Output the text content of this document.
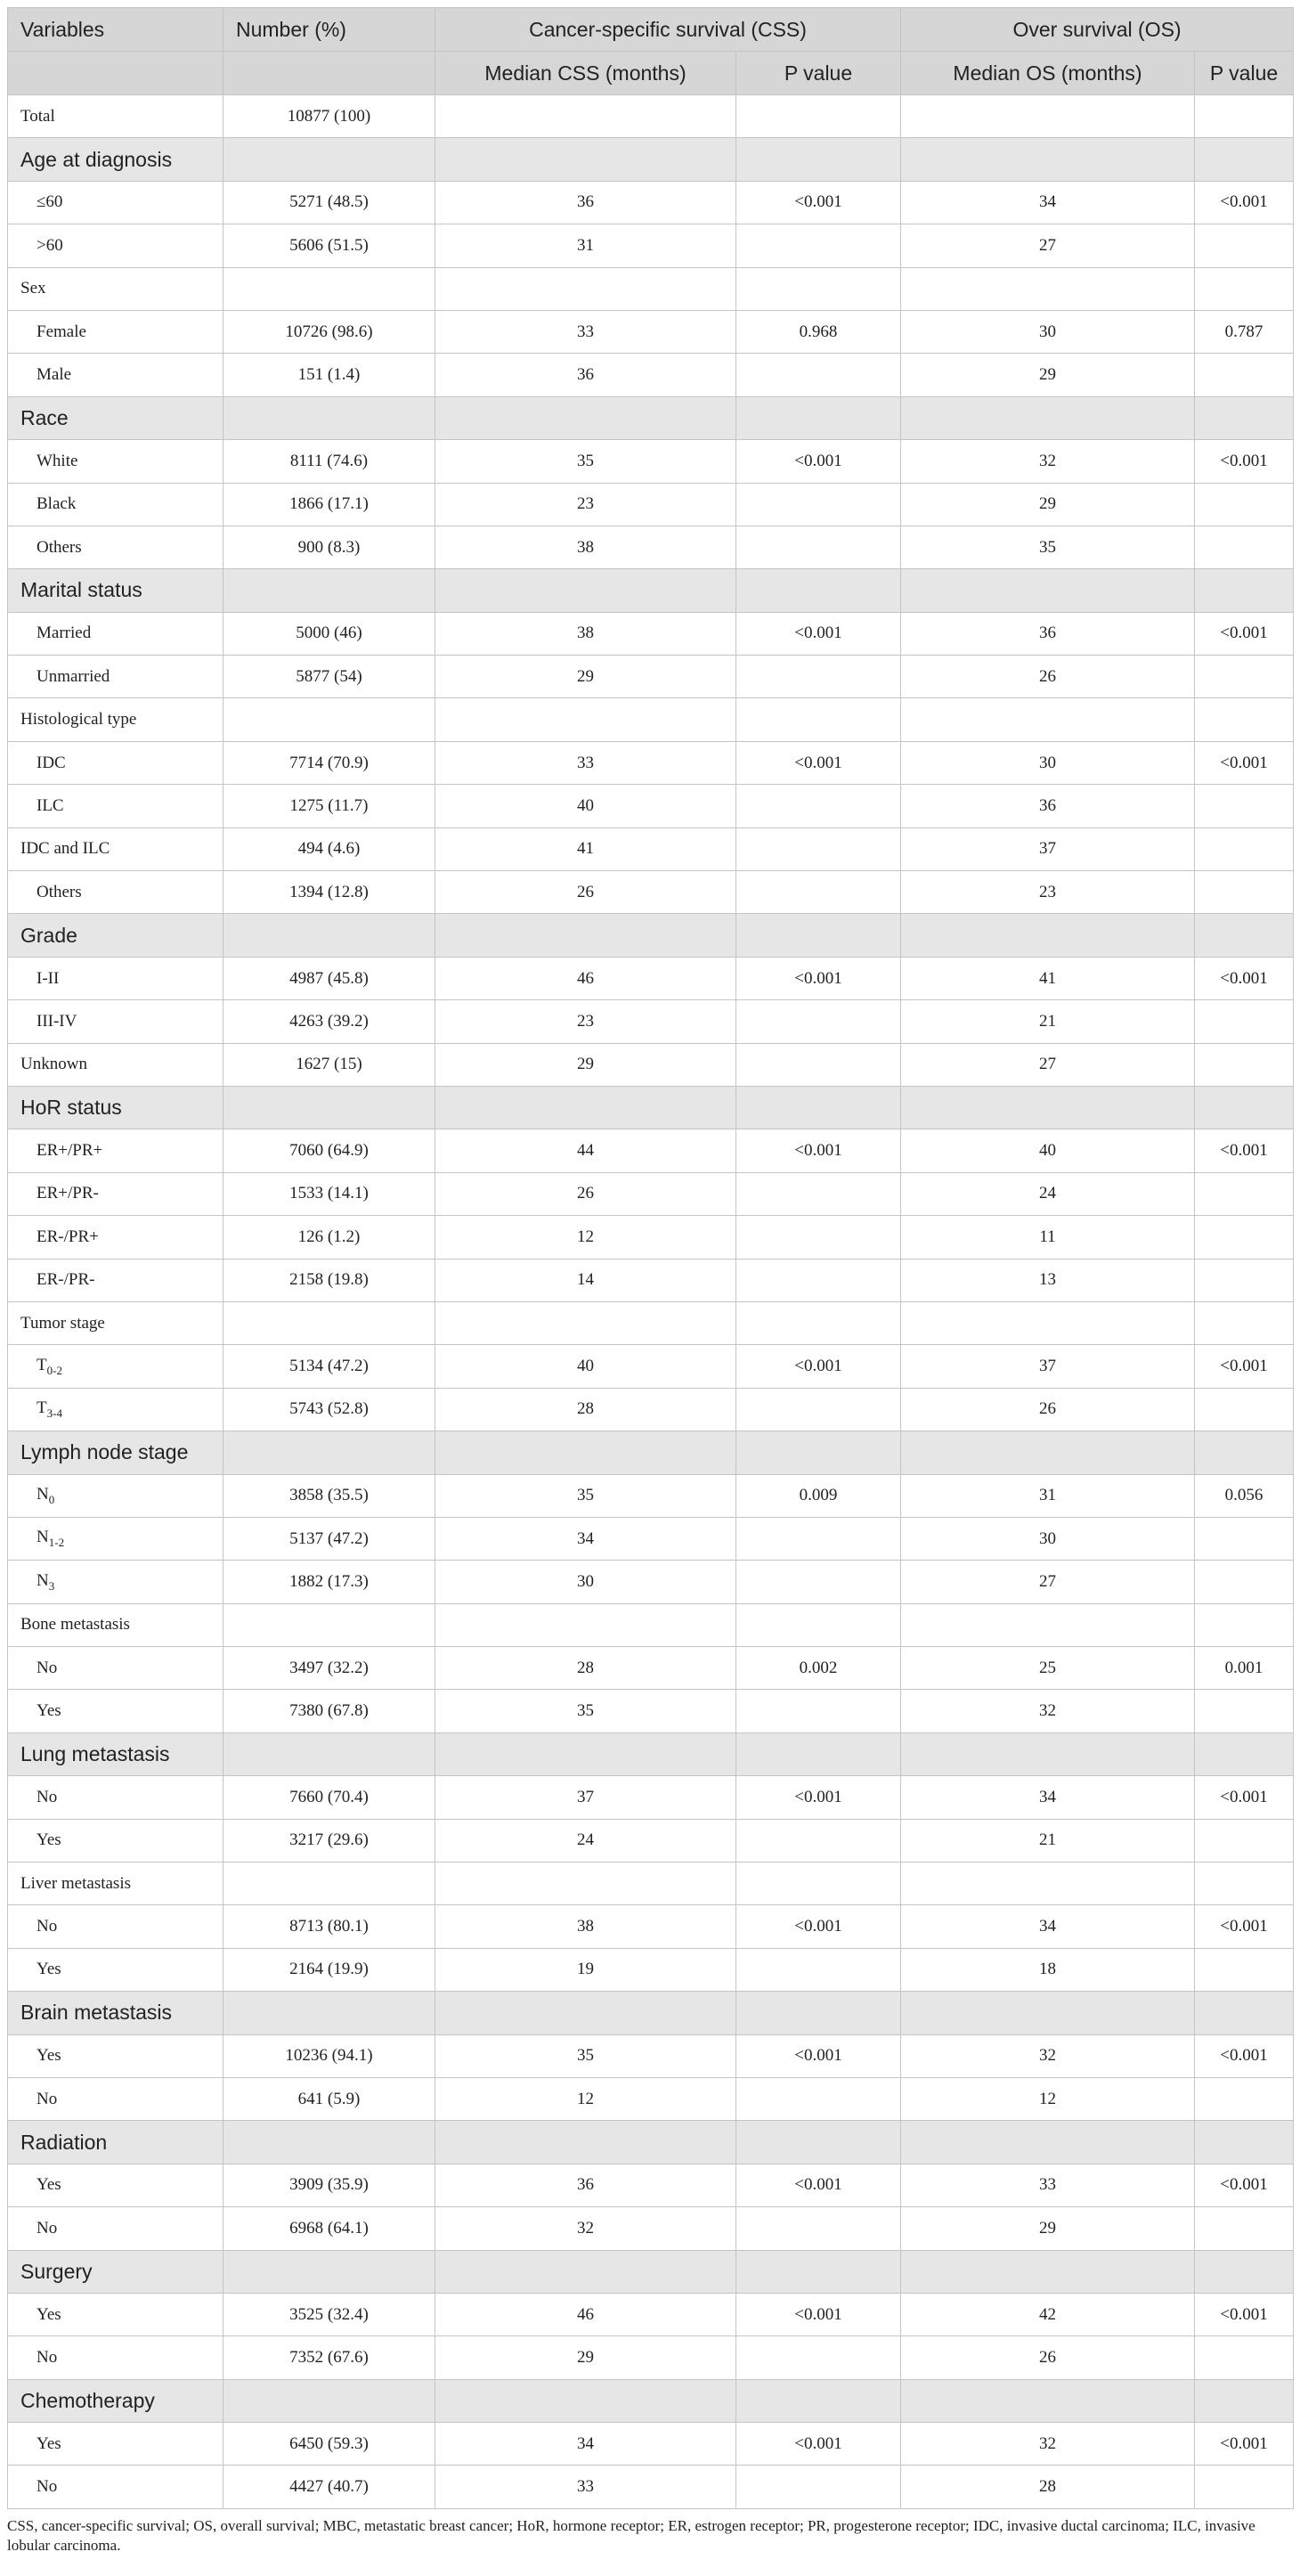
Variables	Number (%)	Cancer-specific survival (CSS)		Over survival (OS)	
		Median CSS (months)	P value	Median OS (months)	P value
Total	10877 (100)				
Age at diagnosis					
≤60	5271 (48.5)	36	<0.001	34	<0.001
>60	5606 (51.5)	31		27	
Sex					
Female	10726 (98.6)	33	0.968	30	0.787
Male	151 (1.4)	36		29	
Race					
White	8111 (74.6)	35	<0.001	32	<0.001
Black	1866 (17.1)	23		29	
Others	900 (8.3)	38		35	
Marital status					
Married	5000 (46)	38	<0.001	36	<0.001
Unmarried	5877 (54)	29		26	
Histological type					
IDC	7714 (70.9)	33	<0.001	30	<0.001
ILC	1275 (11.7)	40		36	
IDC and ILC	494 (4.6)	41		37	
Others	1394 (12.8)	26		23	
Grade					
I-II	4987 (45.8)	46	<0.001	41	<0.001
III-IV	4263 (39.2)	23		21	
Unknown	1627 (15)	29		27	
HoR status					
ER+/PR+	7060 (64.9)	44	<0.001	40	<0.001
ER+/PR-	1533 (14.1)	26		24	
ER-/PR+	126 (1.2)	12		11	
ER-/PR-	2158 (19.8)	14		13	
Tumor stage					
$T_{0-2}$	5134 (47.2)	40	<0.001	37	<0.001
$T_{3-4}$	5743 (52.8)	28		26	
Lymph node stage					
$N_0$	3858 (35.5)	35	0.009	31	0.056
$N_{1-2}$	5137 (47.2)	34		30	
$N_3$	1882 (17.3)	30		27	
Bone metastasis					
No	3497 (32.2)	28	0.002	25	0.001
Yes	7380 (67.8)	35		32	
Lung metastasis					
No	7660 (70.4)	37	<0.001	34	<0.001
Yes	3217 (29.6)	24		21	
Liver metastasis					
No	8713 (80.1)	38	<0.001	34	<0.001
Yes	2164 (19.9)	19		18	
Brain metastasis					
Yes	10236 (94.1)	35	<0.001	32	<0.001
No	641 (5.9)	12		12	
Radiation					
Yes	3909 (35.9)	36	<0.001	33	<0.001
No	6968 (64.1)	32		29	
Surgery					
Yes	3525 (32.4)	46	<0.001	42	<0.001
No	7352 (67.6)	29		26	
Chemotherapy					
Yes	6450 (59.3)	34	<0.001	32	<0.001
No	4427 (40.7)	33		28	
CSS, cancer-specific survival; OS, overall survival; MBC, metastatic breast cancer; HoR, hormone receptor; ER, estrogen receptor; PR, progesterone receptor; IDC, invasive ductal carcinoma; ILC, invasive lobular carcinoma.
